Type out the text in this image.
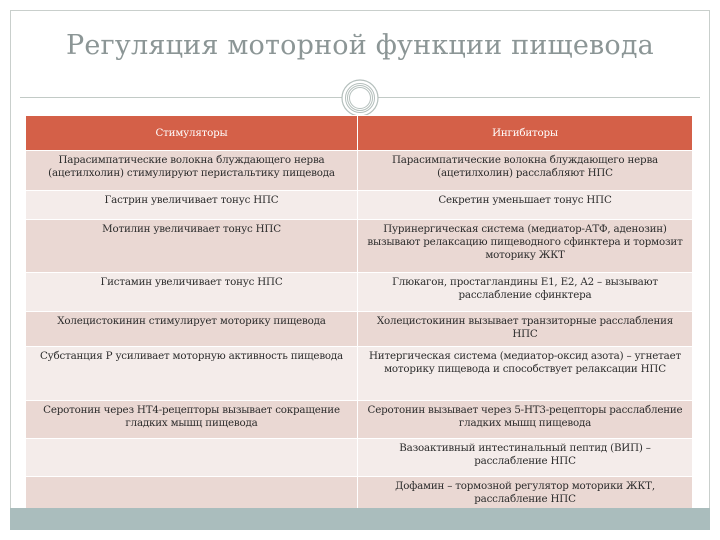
Регуляция моторной функции пищевода
Стимуляторы	Ингибиторы
Парасимпатические волокна блуждающего нерва (ацетилхолин) стимулируют перистальтику пищевода	Парасимпатические волокна блуждающего нерва (ацетилхолин) расслабляют НПС
Гастрин увеличивает тонус НПС	Секретин уменьшает тонус НПС
Мотилин увеличивает тонус НПС	Пуринергическая система (медиатор-АТФ, аденозин) вызывают релаксацию пищеводного сфинктера и тормозит моторику ЖКТ
Гистамин увеличивает тонус НПС	Глюкагон, простагландины E1, E2, A2 – вызывают расслабление сфинктера
Холецистокинин стимулирует моторику пищевода	Холецистокинин вызывает транзиторные расслабления НПС
Субстанция P усиливает моторную активность пищевода	Нитергическая система (медиатор-оксид азота) – угнетает моторику пищевода и способствует релаксации НПС
Серотонин через HT4-рецепторы вызывает сокращение гладких мышц пищевода	Серотонин вызывает через 5-HT3-рецепторы расслабление гладких мышц пищевода
	Вазоактивный интестинальный пептид (ВИП) – расслабление НПС
	Дофамин – тормозной регулятор моторики ЖКТ, расслабление НПС
